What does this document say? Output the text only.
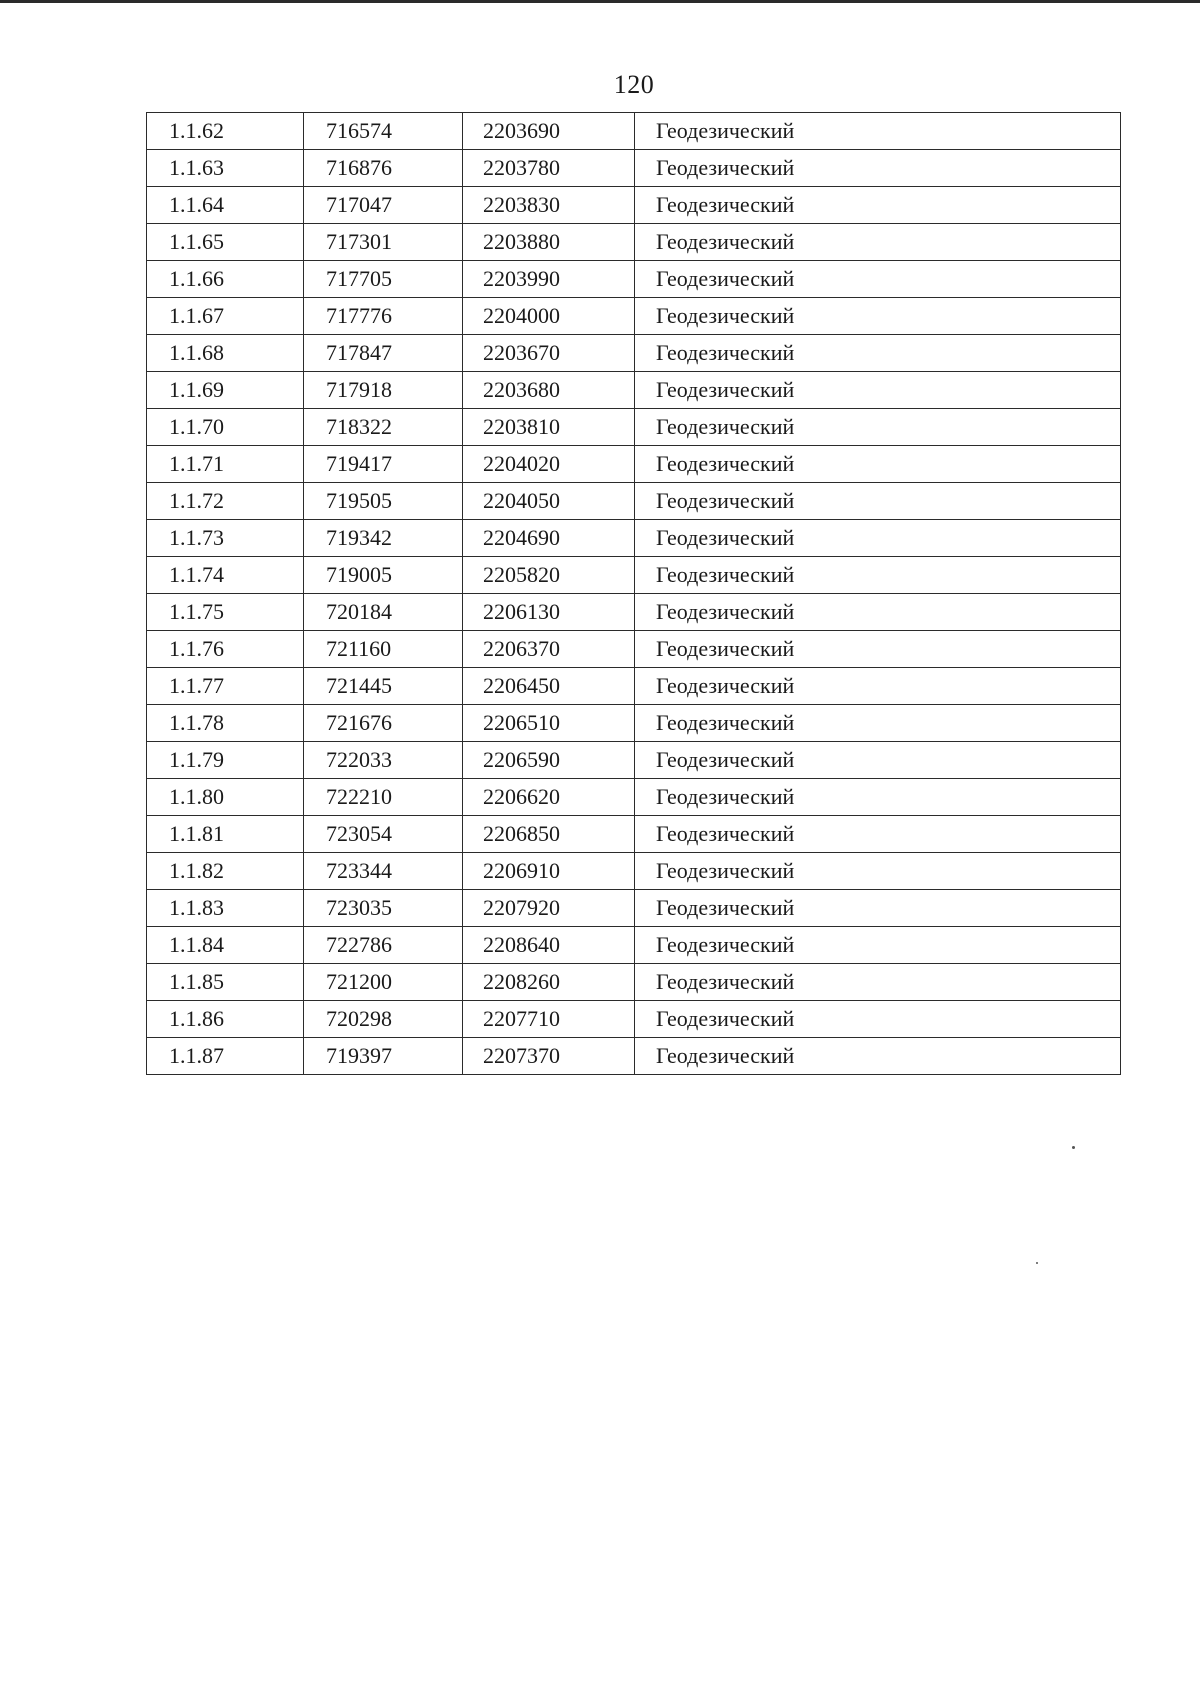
120
1.1.62	716574	2203690	Геодезический
1.1.63	716876	2203780	Геодезический
1.1.64	717047	2203830	Геодезический
1.1.65	717301	2203880	Геодезический
1.1.66	717705	2203990	Геодезический
1.1.67	717776	2204000	Геодезический
1.1.68	717847	2203670	Геодезический
1.1.69	717918	2203680	Геодезический
1.1.70	718322	2203810	Геодезический
1.1.71	719417	2204020	Геодезический
1.1.72	719505	2204050	Геодезический
1.1.73	719342	2204690	Геодезический
1.1.74	719005	2205820	Геодезический
1.1.75	720184	2206130	Геодезический
1.1.76	721160	2206370	Геодезический
1.1.77	721445	2206450	Геодезический
1.1.78	721676	2206510	Геодезический
1.1.79	722033	2206590	Геодезический
1.1.80	722210	2206620	Геодезический
1.1.81	723054	2206850	Геодезический
1.1.82	723344	2206910	Геодезический
1.1.83	723035	2207920	Геодезический
1.1.84	722786	2208640	Геодезический
1.1.85	721200	2208260	Геодезический
1.1.86	720298	2207710	Геодезический
1.1.87	719397	2207370	Геодезический
